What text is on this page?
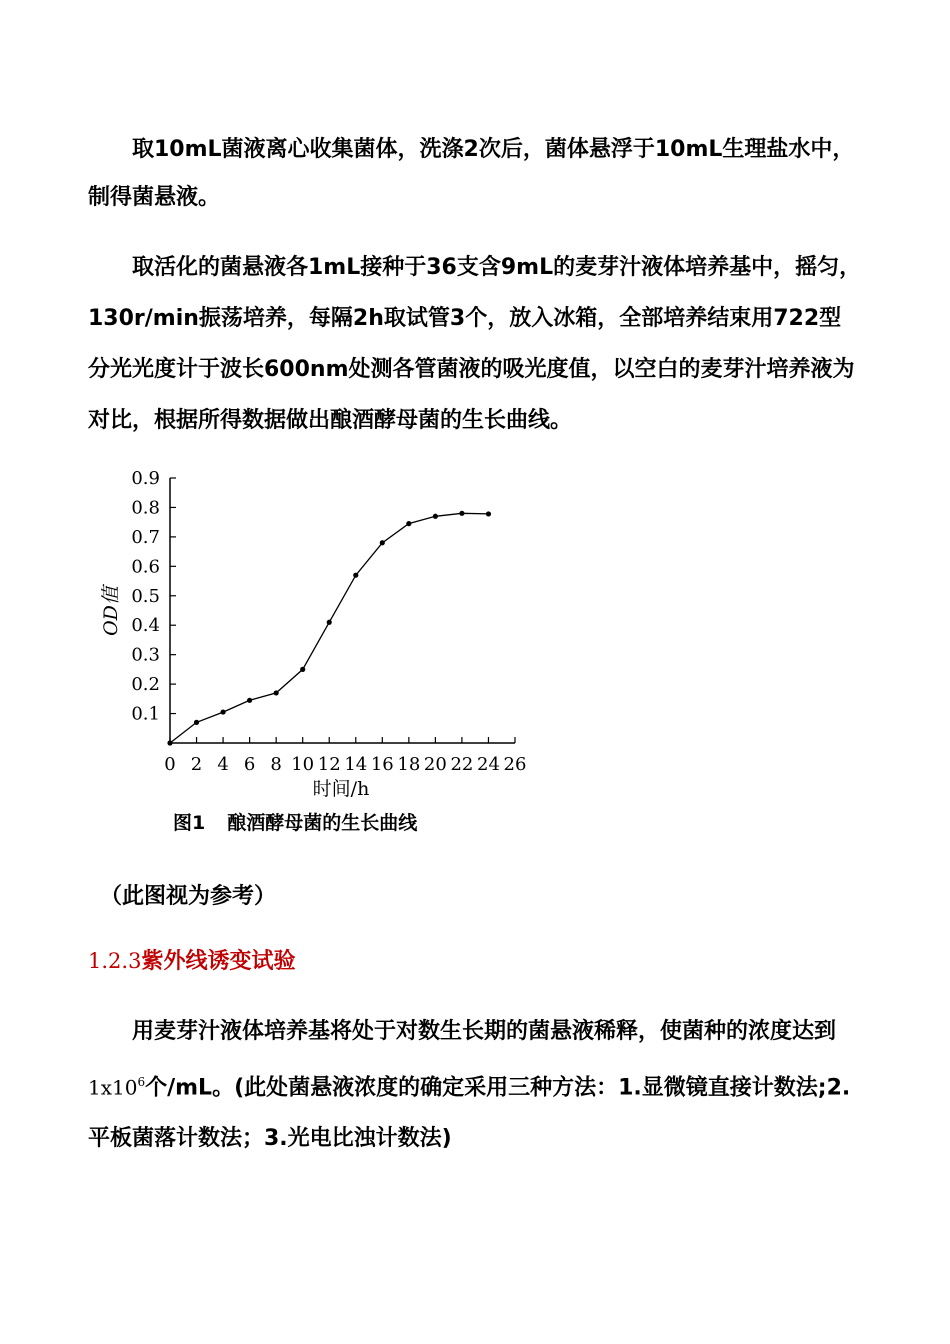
取10mL菌液离心收集菌体，洗涤2次后，菌体悬浮于10mL生理盐水中，制得菌悬液。

取活化的菌悬液各1mL接种于36支含9mL的麦芽汁液体培养基中，摇匀，130r/min振荡培养，每隔2h取试管3个，放入冰箱，全部培养结束用722型分光光度计于波长600nm处测各管菌液的吸光度值，以空白的麦芽汁培养液为对比，根据所得数据做出酿酒酵母菌的生长曲线。

0.1
0.2
0.3
0.4
0.5
0.6
0.7
0.8
0.9
0 2 4 6 8 10 12 14 16 18 20 22 24 26
OD值
时间/h
图1 酿酒酵母菌的生长曲线
（此图视为参考）
1.2.3紫外线诱变试验

用麦芽汁液体培养基将处于对数生长期的菌悬液稀释，使菌种的浓度达到$1x10^6$个/mL。(此处菌悬液浓度的确定采用三种方法：1.显微镜直接计数法;2.平板菌落计数法；3.光电比浊计数法)
